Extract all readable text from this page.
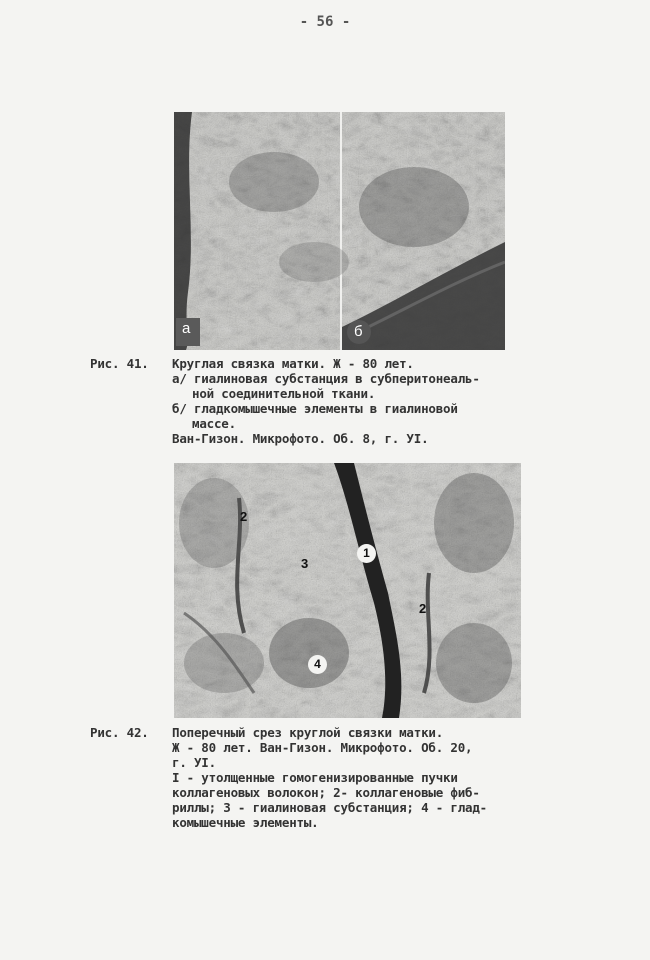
- 56 -
а	б
Рис. 41.	Круглая связка матки. Ж - 80 лет.
а/ гиалиновая субстанция в субперитонеаль-
ной соединительной ткани.
б/ гладкомышечные элементы в гиалиновой
массе.
Ван-Гизон. Микрофото. Об. 8, г. УI.
1
2
2
3
4
Рис. 42.	Поперечный срез круглой связки матки.
Ж - 80 лет. Ван-Гизон. Микрофото. Об. 20,
г. УI.
I - утолщенные гомогенизированные пучки
коллагеновых волокон; 2- коллагеновые фиб-
риллы; 3 - гиалиновая субстанция; 4 - глад-
комышечные элементы.
